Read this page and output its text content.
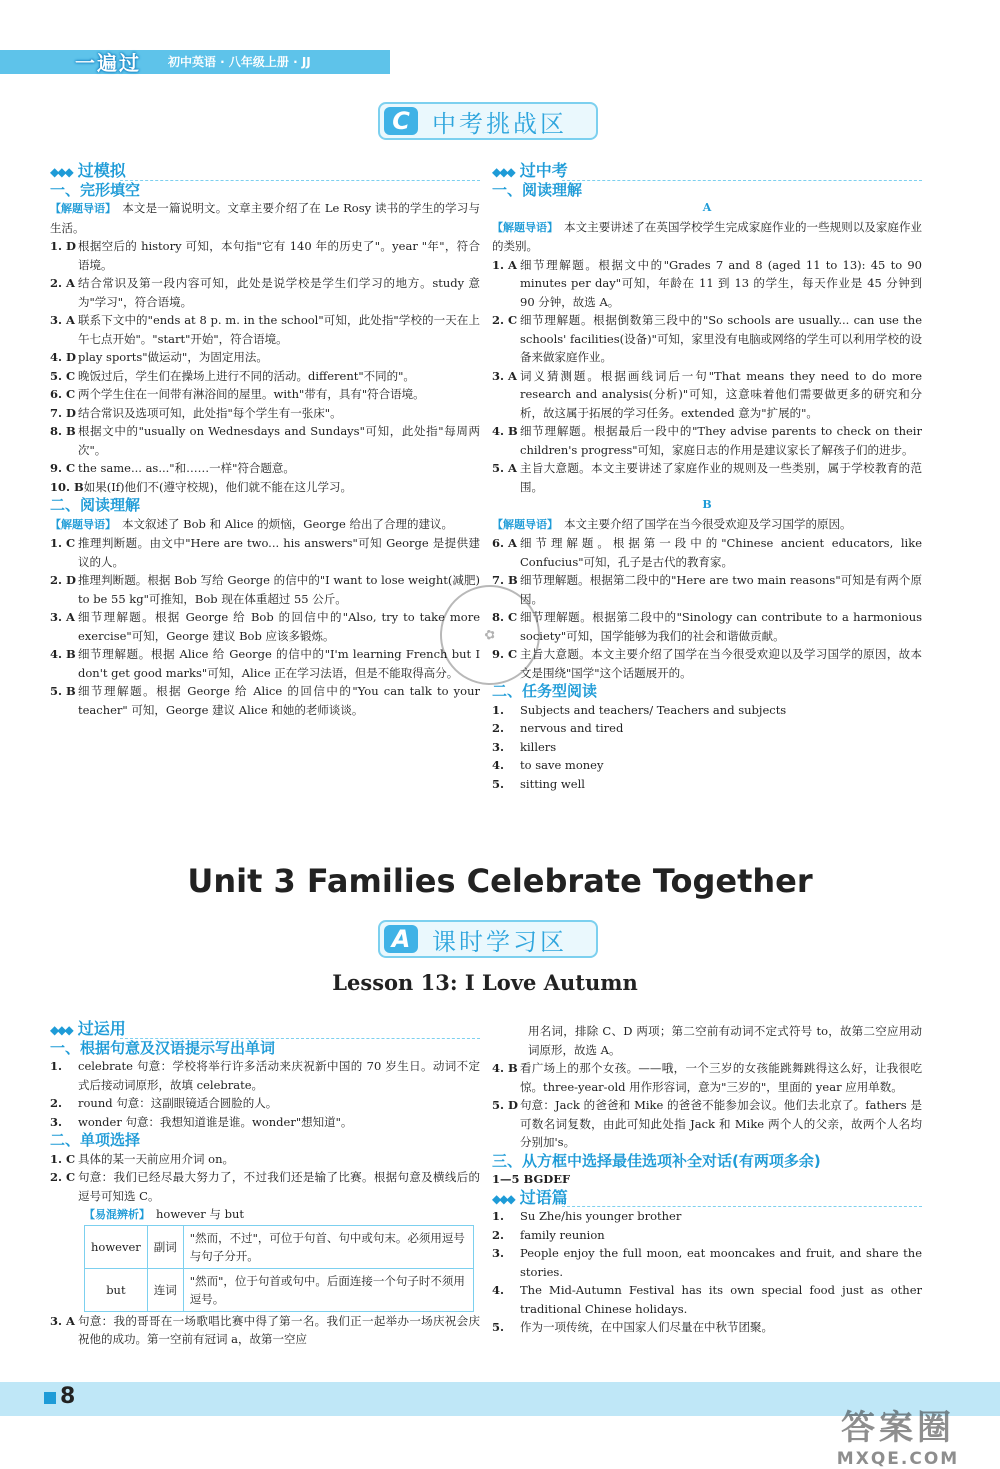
一遍过	初中英语 · 八年级上册 · JJ
C 中考挑战区
◆◆◆ 过模拟
一、完形填空
【解题导语】 本文是一篇说明文。文章主要介绍了在 Le Rosy 读书的学生的学习与生活。
1. D 根据空后的 history 可知，本句指"它有 140 年的历史了"。year "年"，符合语境。
2. A 结合常识及第一段内容可知，此处是说学校是学生们学习的地方。study 意为"学习"，符合语境。
3. A 联系下文中的"ends at 8 p. m. in the school"可知，此处指"学校的一天在上午七点开始"。"start"开始"，符合语境。
4. D play sports"做运动"，为固定用法。
5. C 晚饭过后，学生们在操场上进行不同的活动。different"不同的"。
6. C 两个学生住在一间带有淋浴间的屋里。with"带有，具有"符合语境。
7. D 结合常识及选项可知，此处指"每个学生有一张床"。
8. B 根据文中的"usually on Wednesdays and Sundays"可知，此处指"每周两次"。
9. C the same... as..."和……一样"符合题意。
10. B 如果(If)他们不(遵守校规)，他们就不能在这儿学习。
二、阅读理解
【解题导语】 本文叙述了 Bob 和 Alice 的烦恼，George 给出了合理的建议。
1. C 推理判断题。由文中"Here are two... his answers"可知 George 是提供建议的人。
2. D 推理判断题。根据 Bob 写给 George 的信中的"I want to lose weight(减肥) to be 55 kg"可推知，Bob 现在体重超过 55 公斤。
3. A 细节理解题。根据 George 给 Bob 的回信中的"Also, try to take more exercise"可知，George 建议 Bob 应该多锻炼。
4. B 细节理解题。根据 Alice 给 George 的信中的"I'm learning French but I don't get good marks"可知，Alice 正在学习法语，但是不能取得高分。
5. B 细节理解题。根据 George 给 Alice 的回信中的"You can talk to your teacher" 可知，George 建议 Alice 和她的老师谈谈。
◆◆◆ 过中考
一、阅读理解
A
【解题导语】 本文主要讲述了在英国学校学生完成家庭作业的一些规则以及家庭作业的类别。
1. A 细节理解题。根据文中的"Grades 7 and 8 (aged 11 to 13): 45 to 90 minutes per day"可知，年龄在 11 到 13 的学生，每天作业是 45 分钟到 90 分钟，故选 A。
2. C 细节理解题。根据倒数第三段中的"So schools are usually... can use the schools' facilities(设备)"可知，家里没有电脑或网络的学生可以利用学校的设备来做家庭作业。
3. A 词义猜测题。根据画线词后一句"That means they need to do more research and analysis(分析)"可知，这意味着他们需要做更多的研究和分析，故这属于拓展的学习任务。extended 意为"扩展的"。
4. B 细节理解题。根据最后一段中的"They advise parents to check on their children's progress"可知，家庭日志的作用是建议家长了解孩子们的进步。
5. A 主旨大意题。本文主要讲述了家庭作业的规则及一些类别，属于学校教育的范围。
B
【解题导语】 本文主要介绍了国学在当今很受欢迎及学习国学的原因。
6. A 细节理解题。根据第一段中的"Chinese ancient educators, like Confucius"可知，孔子是古代的教育家。
7. B 细节理解题。根据第二段中的"Here are two main reasons"可知是有两个原因。
8. C 细节理解题。根据第二段中的"Sinology can contribute to a harmonious society"可知，国学能够为我们的社会和谐做贡献。
9. C 主旨大意题。本文主要介绍了国学在当今很受欢迎以及学习国学的原因，故本文是围绕"国学"这个话题展开的。
二、任务型阅读
1.	Subjects and teachers/ Teachers and subjects
2.	nervous and tired
3.	killers
4.	to save money
5.	sitting well
✿
Unit 3 Families Celebrate Together
A 课时学习区
Lesson 13: I Love Autumn
◆◆◆ 过运用
一、根据句意及汉语提示写出单词
1.	celebrate 句意：学校将举行许多活动来庆祝新中国的 70 岁生日。动词不定式后接动词原形，故填 celebrate。
2.	round 句意：这副眼镜适合圆脸的人。
3.	wonder 句意：我想知道谁是谁。wonder"想知道"。
二、单项选择
1. C 具体的某一天前应用介词 on。
2. C 句意：我们已经尽最大努力了，不过我们还是输了比赛。根据句意及横线后的逗号可知选 C。
【易混辨析】 however 与 but
however	副词	"然而，不过"，可位于句首、句中或句末。必须用逗号与句子分开。
but	连词	"然而"，位于句首或句中。后面连接一个句子时不须用逗号。
3. A 句意：我的哥哥在一场歌唱比赛中得了第一名。我们正一起举办一场庆祝会庆祝他的成功。第一空前有冠词 a，故第一空应
用名词，排除 C、D 两项；第二空前有动词不定式符号 to，故第二空应用动词原形，故选 A。
4. B 看广场上的那个女孩。——哦，一个三岁的女孩能跳舞跳得这么好，让我很吃惊。three-year-old 用作形容词，意为"三岁的"，里面的 year 应用单数。
5. D 句意：Jack 的爸爸和 Mike 的爸爸不能参加会议。他们去北京了。fathers 是可数名词复数，由此可知此处指 Jack 和 Mike 两个人的父亲，故两个人名均分别加's。
三、从方框中选择最佳选项补全对话(有两项多余)
1—5 BGDEF
◆◆◆ 过语篇
1.	Su Zhe/his younger brother
2.	family reunion
3.	People enjoy the full moon, eat mooncakes and fruit, and share the stories.
4.	The Mid-Autumn Festival has its own special food just as other traditional Chinese holidays.
5.	作为一项传统，在中国家人们尽量在中秋节团聚。
8
答案圈
MXQE.COM
